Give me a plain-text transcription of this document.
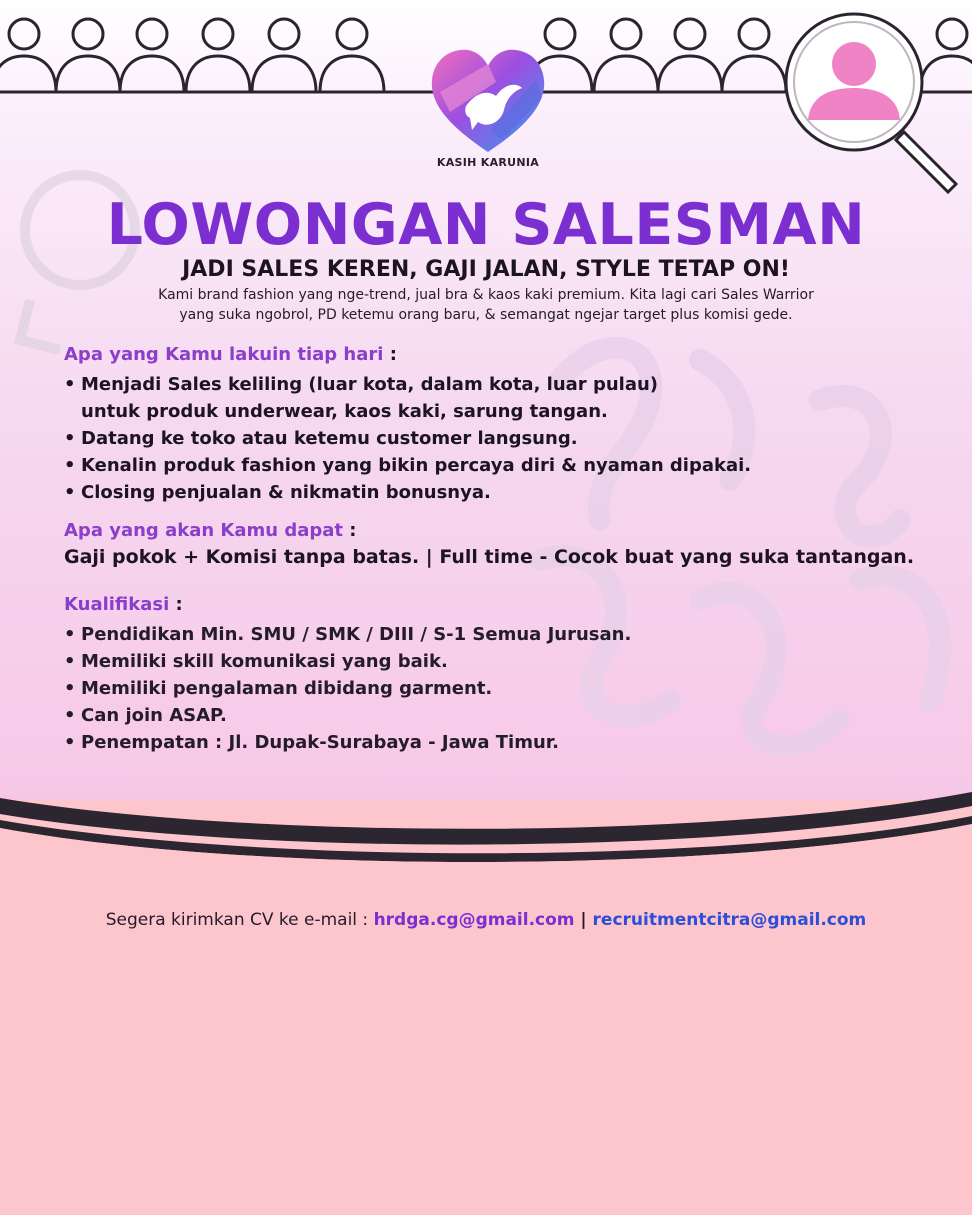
KASIH KARUNIA
LOWONGAN SALESMAN
JADI SALES KEREN, GAJI JALAN, STYLE TETAP ON!
Kami brand fashion yang nge-trend, jual bra & kaos kaki premium. Kita lagi cari Sales Warrior
yang suka ngobrol, PD ketemu orang baru, & semangat ngejar target plus komisi gede.
Apa yang Kamu lakuin tiap hari :
• Menjadi Sales keliling (luar kota, dalam kota, luar pulau)
untuk produk underwear, kaos kaki, sarung tangan.
• Datang ke toko atau ketemu customer langsung.
• Kenalin produk fashion yang bikin percaya diri & nyaman dipakai.
• Closing penjualan & nikmatin bonusnya.
Apa yang akan Kamu dapat :
Gaji pokok + Komisi tanpa batas. | Full time - Cocok buat yang suka tantangan.
Kualifikasi :
• Pendidikan Min. SMU / SMK / DIII / S-1 Semua Jurusan.
• Memiliki skill komunikasi yang baik.
• Memiliki pengalaman dibidang garment.
• Can join ASAP.
• Penempatan : Jl. Dupak-Surabaya - Jawa Timur.
Segera kirimkan CV ke e-mail : hrdga.cg@gmail.com | recruitmentcitra@gmail.com
